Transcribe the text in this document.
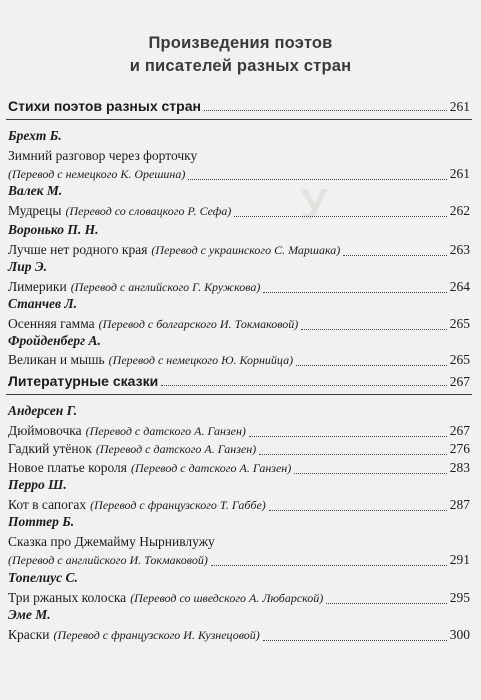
У
Произведения поэтов
и писателей разных стран
Стихи поэтов разных стран	261
Брехт Б.
Зимний разговор через форточку
(Перевод с немецкого К. Орешина)	261
Валек М.
Мудрецы (Перевод со словацкого Р. Сефа)	262
Воронько П. Н.
Лучше нет родного края (Перевод с украинского С. Маршака)	263
Лир Э.
Лимерики (Перевод с английского Г. Кружкова)	264
Станчев Л.
Осенняя гамма (Перевод с болгарского И. Токмаковой)	265
Фройденберг А.
Великан и мышь (Перевод с немецкого Ю. Корнийца)	265
Литературные сказки	267
Андерсен Г.
Дюймовочка (Перевод с датского А. Ганзен)	267
Гадкий утёнок (Перевод с датского А. Ганзен)	276
Новое платье короля (Перевод с датского А. Ганзен)	283
Перро Ш.
Кот в сапогах (Перевод с французского Т. Габбе)	287
Поттер Б.
Сказка про Джемайму Нырнивлужу
(Перевод с английского И. Токмаковой)	291
Топелиус С.
Три ржаных колоска (Перевод со шведского А. Любарской)	295
Эме М.
Краски (Перевод с французского И. Кузнецовой)	300
